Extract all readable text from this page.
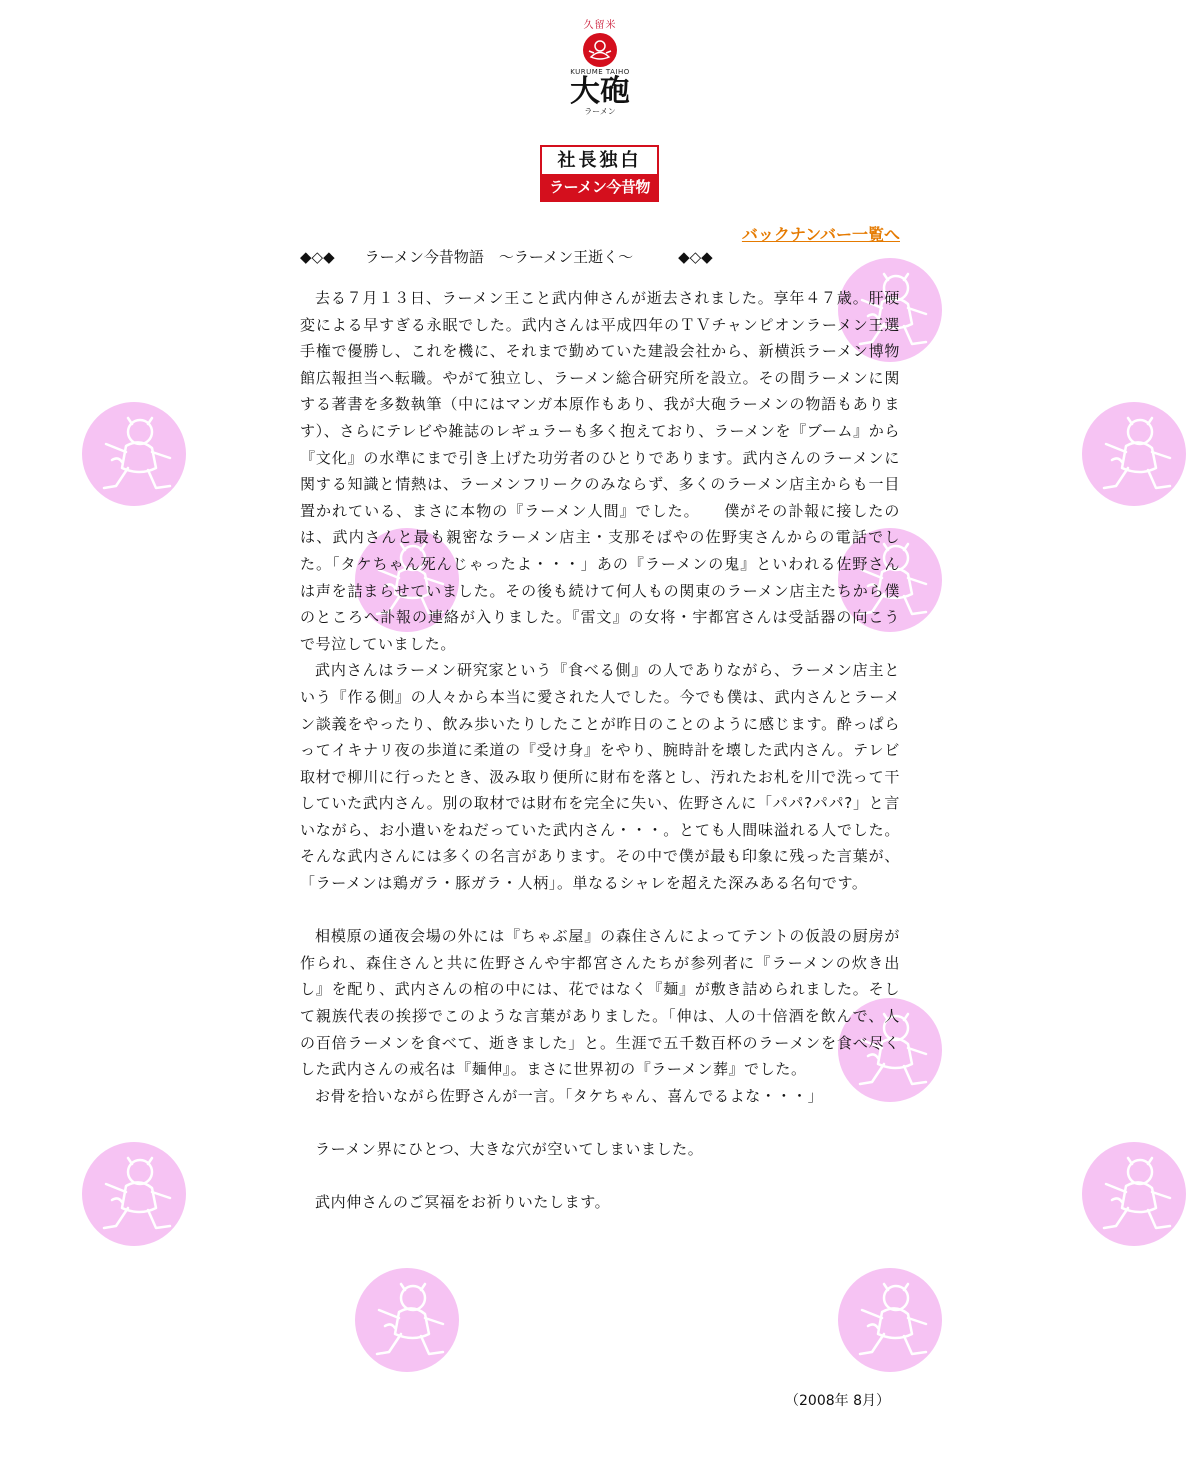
久留米
KURUME TAIHO
大砲
ラーメン
社長独白
ラーメン今昔物語
バックナンバー一覧へ
◆◇◆　　ラーメン今昔物語　～ラーメン王逝く～　　　◆◇◆

去る７月１３日、ラーメン王こと武内伸さんが逝去されました。享年４７歳。肝硬変による早すぎる永眠でした。武内さんは平成四年のＴＶチャンピオンラーメン王選手権で優勝し、これを機に、それまで勤めていた建設会社から、新横浜ラーメン博物館広報担当へ転職。やがて独立し、ラーメン総合研究所を設立。その間ラーメンに関する著書を多数執筆（中にはマンガ本原作もあり、我が大砲ラーメンの物語もあります）、さらにテレビや雑誌のレギュラーも多く抱えており、ラーメンを『ブーム』から『文化』の水準にまで引き上げた功労者のひとりであります。武内さんのラーメンに関する知識と情熱は、ラーメンフリークのみならず、多くのラーメン店主からも一目置かれている、まさに本物の『ラーメン人間』でした。　　僕がその訃報に接したのは、武内さんと最も親密なラーメン店主・支那そばやの佐野実さんからの電話でした。「タケちゃん死んじゃったよ・・・」あの『ラーメンの鬼』といわれる佐野さんは声を詰まらせていました。その後も続けて何人もの関東のラーメン店主たちから僕のところへ訃報の連絡が入りました。『雷文』の女将・宇都宮さんは受話器の向こうで号泣していました。

武内さんはラーメン研究家という『食べる側』の人でありながら、ラーメン店主という『作る側』の人々から本当に愛された人でした。今でも僕は、武内さんとラーメン談義をやったり、飲み歩いたりしたことが昨日のことのように感じます。酔っぱらってイキナリ夜の歩道に柔道の『受け身』をやり、腕時計を壊した武内さん。テレビ取材で柳川に行ったとき、汲み取り便所に財布を落とし、汚れたお札を川で洗って干していた武内さん。別の取材では財布を完全に失い、佐野さんに「パパ?パパ?」と言いながら、お小遣いをねだっていた武内さん・・・。とても人間味溢れる人でした。そんな武内さんには多くの名言があります。その中で僕が最も印象に残った言葉が、「ラーメンは鶏ガラ・豚ガラ・人柄」。単なるシャレを超えた深みある名句です。

相模原の通夜会場の外には『ちゃぶ屋』の森住さんによってテントの仮設の厨房が作られ、森住さんと共に佐野さんや宇都宮さんたちが参列者に『ラーメンの炊き出し』を配り、武内さんの棺の中には、花ではなく『麺』が敷き詰められました。そして親族代表の挨拶でこのような言葉がありました。「伸は、人の十倍酒を飲んで、人の百倍ラーメンを食べて、逝きました」と。生涯で五千数百杯のラーメンを食べ尽くした武内さんの戒名は『麺伸』。まさに世界初の『ラーメン葬』でした。

お骨を拾いながら佐野さんが一言。「タケちゃん、喜んでるよな・・・」

ラーメン界にひとつ、大きな穴が空いてしまいました。

武内伸さんのご冥福をお祈りいたします。

（2008年 8月）
